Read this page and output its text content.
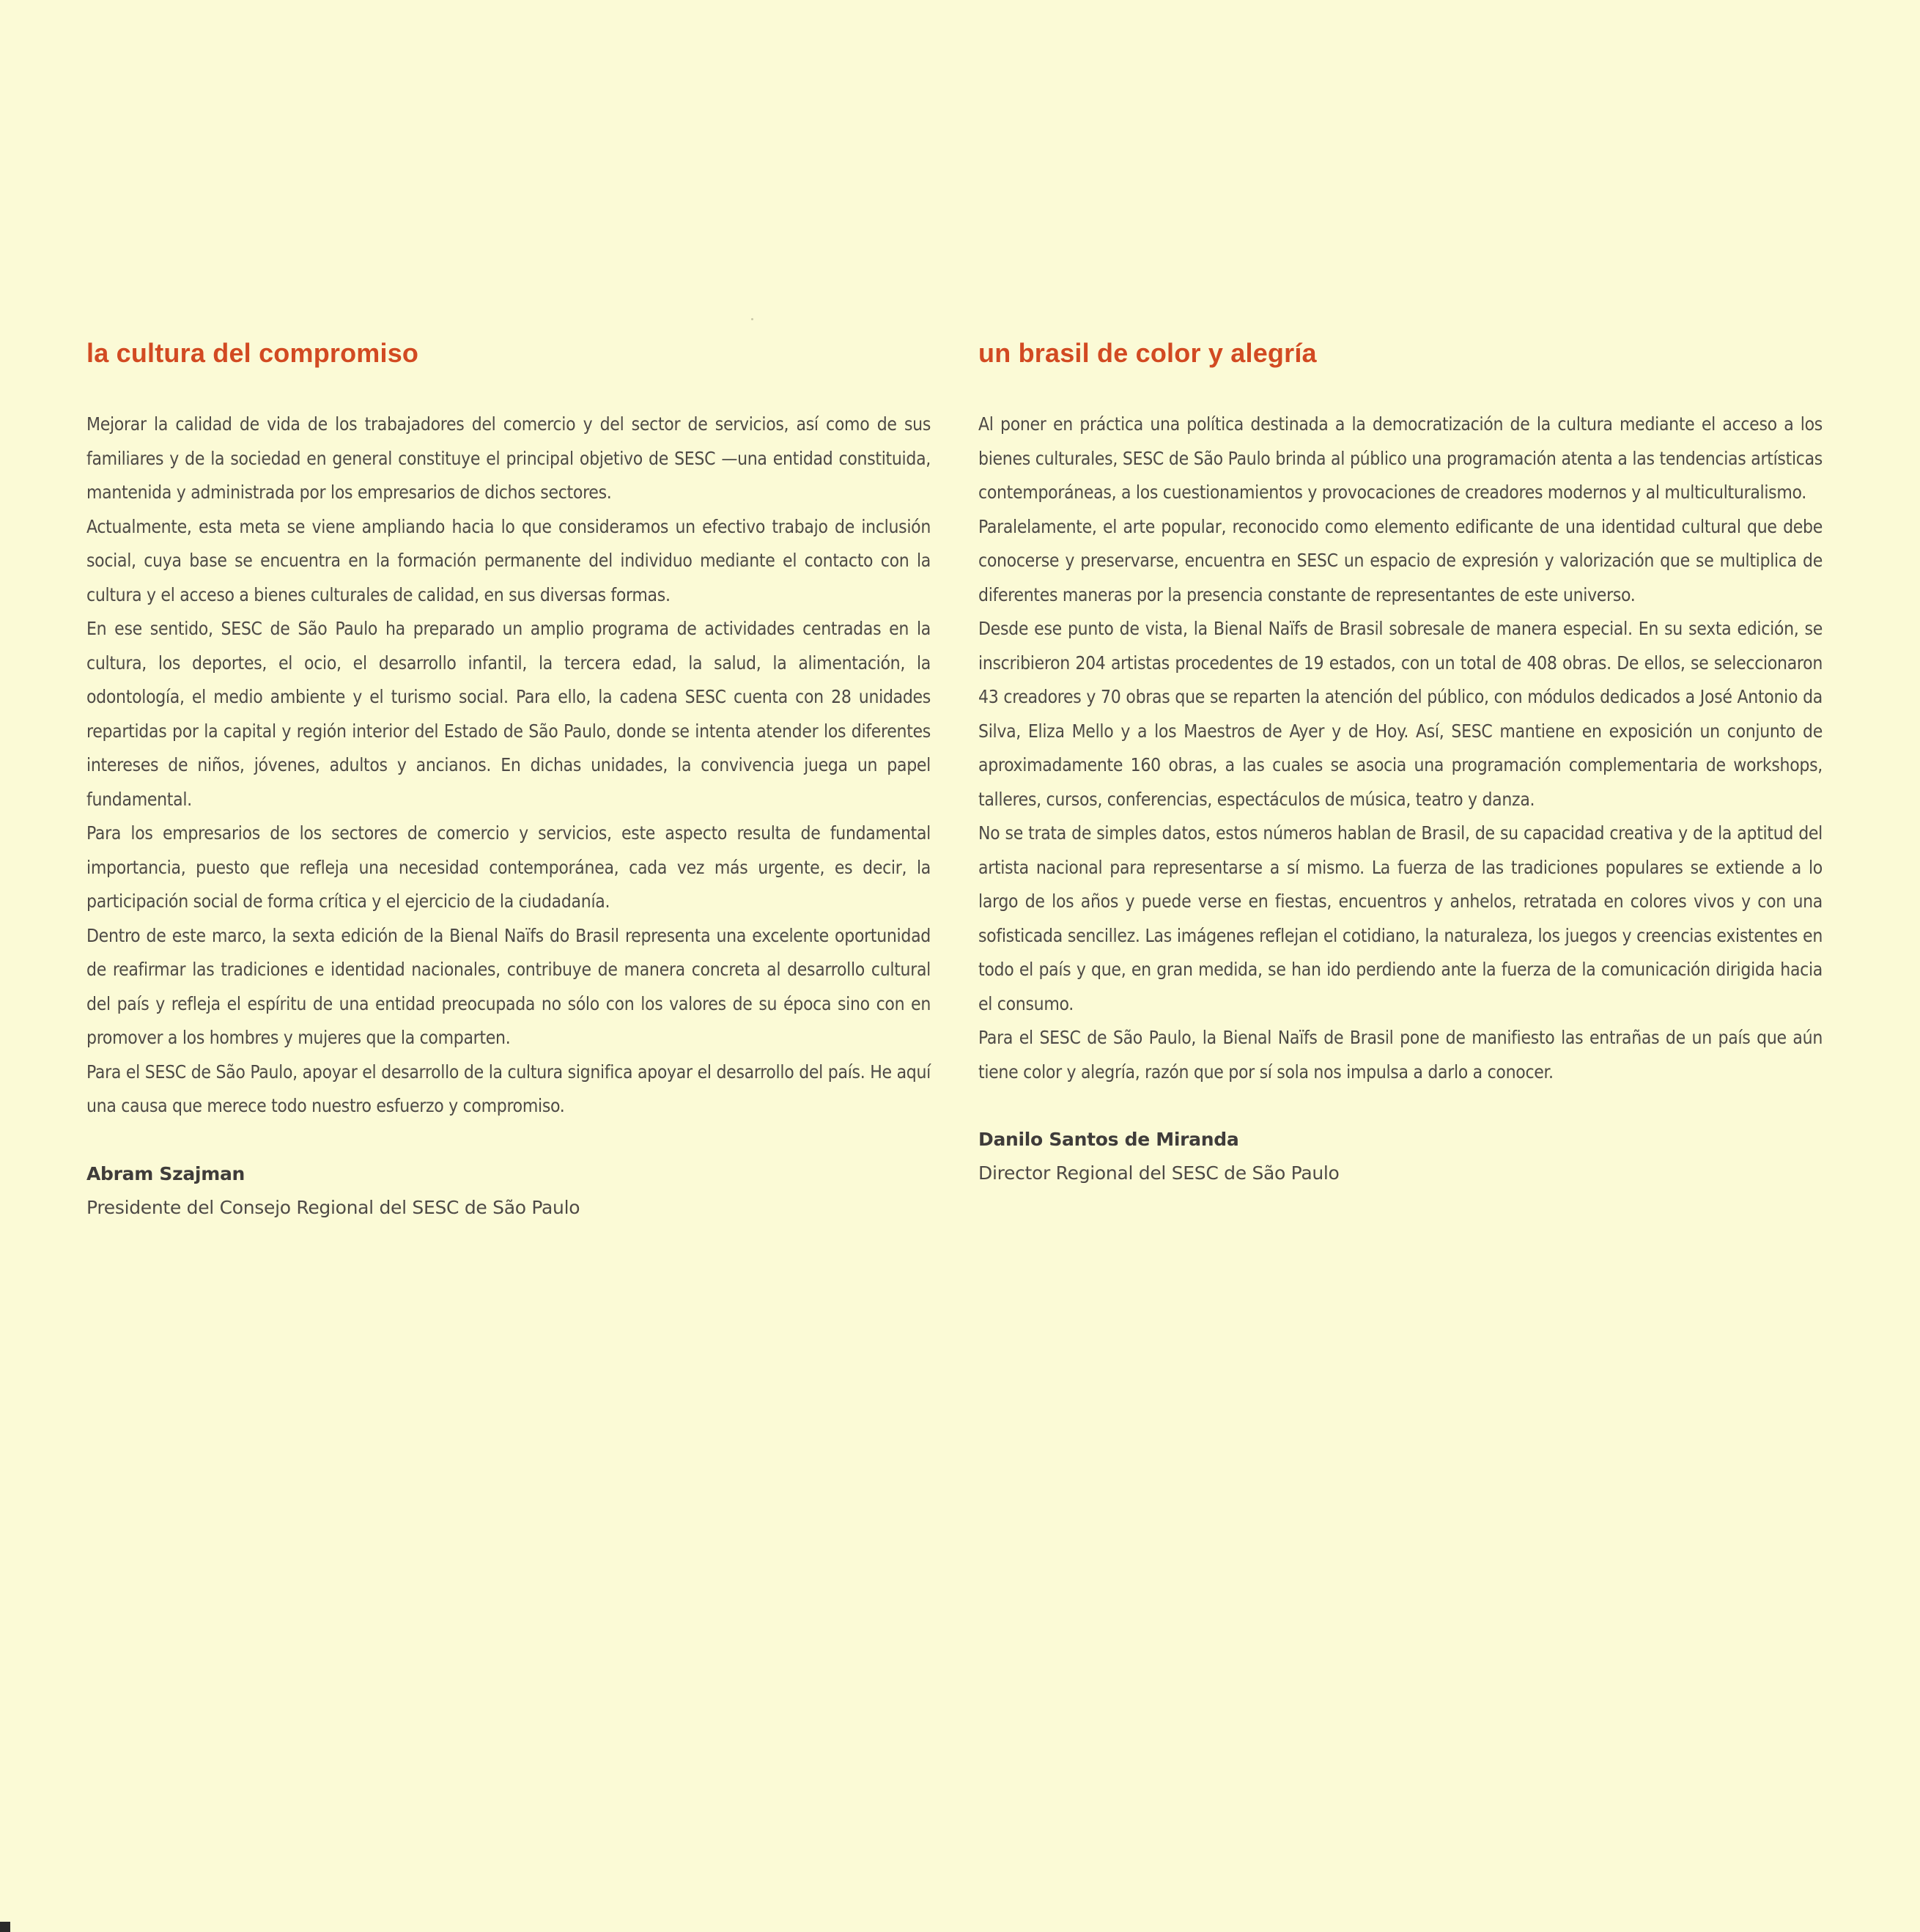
la cultura del compromiso

Mejorar la calidad de vida de los trabajadores del comercio y del sector de servicios, así como de sus familiares y de la sociedad en general constituye el principal objetivo de SESC —una entidad constituida, mantenida y administrada por los empresarios de dichos sectores.

Actualmente, esta meta se viene ampliando hacia lo que consideramos un efectivo trabajo de inclusión social, cuya base se encuentra en la formación permanente del individuo mediante el contacto con la cultura y el acceso a bienes culturales de calidad, en sus diversas formas.

En ese sentido, SESC de São Paulo ha preparado un amplio programa de actividades centradas en la cultura, los deportes, el ocio, el desarrollo infantil, la tercera edad, la salud, la alimentación, la odontología, el medio ambiente y el turismo social. Para ello, la cadena SESC cuenta con 28 unidades repartidas por la capital y región interior del Estado de São Paulo, donde se intenta atender los diferentes intereses de niños, jóvenes, adultos y ancianos. En dichas unidades, la convivencia juega un papel fundamental.

Para los empresarios de los sectores de comercio y servicios, este aspecto resulta de fundamental importancia, puesto que refleja una necesidad contemporánea, cada vez más urgente, es decir, la participación social de forma crítica y el ejercicio de la ciudadanía.

Dentro de este marco, la sexta edición de la Bienal Naïfs do Brasil representa una excelente oportunidad de reafirmar las tradiciones e identidad nacionales, contribuye de manera concreta al desarrollo cultural del país y refleja el espíritu de una entidad preocupada no sólo con los valores de su época sino con en promover a los hombres y mujeres que la comparten.

Para el SESC de São Paulo, apoyar el desarrollo de la cultura significa apoyar el desarrollo del país. He aquí una causa que merece todo nuestro esfuerzo y compromiso.

Abram Szajman
Presidente del Consejo Regional del SESC de São Paulo
un brasil de color y alegría

Al poner en práctica una política destinada a la democratización de la cultura mediante el acceso a los bienes culturales, SESC de São Paulo brinda al público una programación atenta a las tendencias artísticas contemporáneas, a los cuestionamientos y provocaciones de creadores modernos y al multiculturalismo.

Paralelamente, el arte popular, reconocido como elemento edificante de una identidad cultural que debe conocerse y preservarse, encuentra en SESC un espacio de expresión y valorización que se multiplica de diferentes maneras por la presencia constante de representantes de este universo.

Desde ese punto de vista, la Bienal Naïfs de Brasil sobresale de manera especial. En su sexta edición, se inscribieron 204 artistas procedentes de 19 estados, con un total de 408 obras. De ellos, se seleccionaron 43 creadores y 70 obras que se reparten la atención del público, con módulos dedicados a José Antonio da Silva, Eliza Mello y a los Maestros de Ayer y de Hoy. Así, SESC mantiene en exposición un conjunto de aproximadamente 160 obras, a las cuales se asocia una programación complementaria de workshops, talleres, cursos, conferencias, espectáculos de música, teatro y danza.

No se trata de simples datos, estos números hablan de Brasil, de su capacidad creativa y de la aptitud del artista nacional para representarse a sí mismo. La fuerza de las tradiciones populares se extiende a lo largo de los años y puede verse en fiestas, encuentros y anhelos, retratada en colores vivos y con una sofisticada sencillez. Las imágenes reflejan el cotidiano, la naturaleza, los juegos y creencias existentes en todo el país y que, en gran medida, se han ido perdiendo ante la fuerza de la comunicación dirigida hacia el consumo.

Para el SESC de São Paulo, la Bienal Naïfs de Brasil pone de manifiesto las entrañas de un país que aún tiene color y alegría, razón que por sí sola nos impulsa a darlo a conocer.

Danilo Santos de Miranda
Director Regional del SESC de São Paulo
